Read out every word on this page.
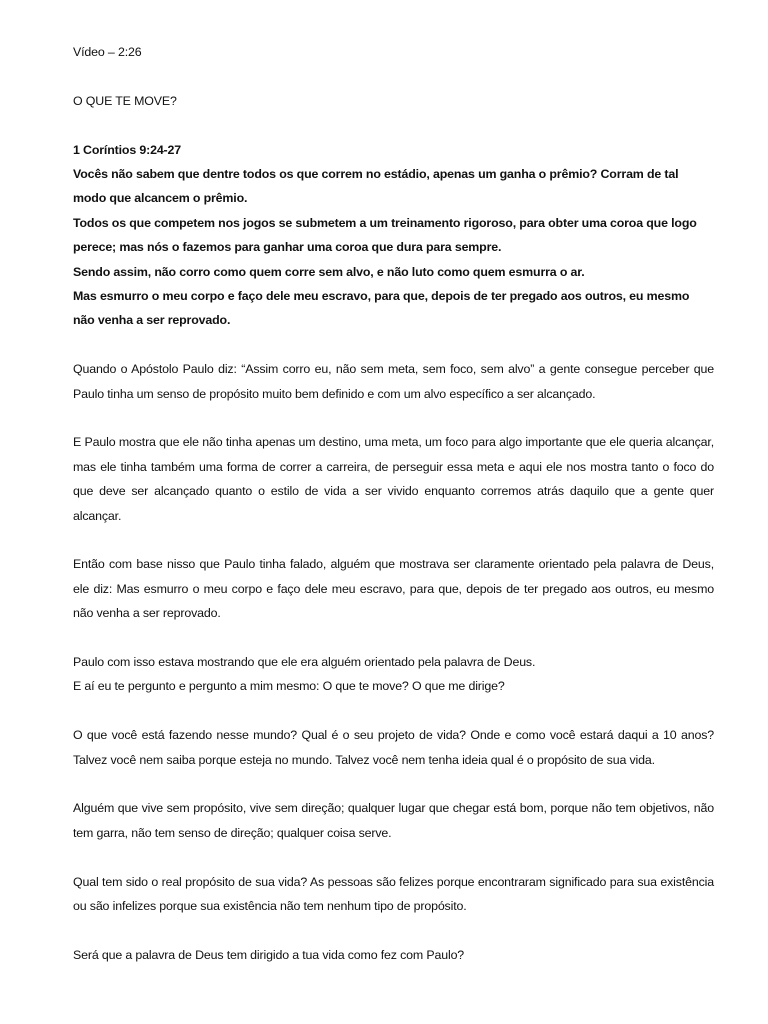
Vídeo – 2:26

O QUE TE MOVE?

1 Coríntios 9:24-27

Vocês não sabem que dentre todos os que correm no estádio, apenas um ganha o prêmio? Corram de tal modo que alcancem o prêmio.

Todos os que competem nos jogos se submetem a um treinamento rigoroso, para obter uma coroa que logo perece; mas nós o fazemos para ganhar uma coroa que dura para sempre.

Sendo assim, não corro como quem corre sem alvo, e não luto como quem esmurra o ar.

Mas esmurro o meu corpo e faço dele meu escravo, para que, depois de ter pregado aos outros, eu mesmo não venha a ser reprovado.

Quando o Apóstolo Paulo diz: “Assim corro eu, não sem meta, sem foco, sem alvo” a gente consegue perceber que Paulo tinha um senso de propósito muito bem definido e com um alvo específico a ser alcançado.

E Paulo mostra que ele não tinha apenas um destino, uma meta, um foco para algo importante que ele queria alcançar, mas ele tinha também uma forma de correr a carreira, de perseguir essa meta e aqui ele nos mostra tanto o foco do que deve ser alcançado quanto o estilo de vida a ser vivido enquanto corremos atrás daquilo que a gente quer alcançar.

Então com base nisso que Paulo tinha falado, alguém que mostrava ser claramente orientado pela palavra de Deus, ele diz: Mas esmurro o meu corpo e faço dele meu escravo, para que, depois de ter pregado aos outros, eu mesmo não venha a ser reprovado.

Paulo com isso estava mostrando que ele era alguém orientado pela palavra de Deus.

E aí eu te pergunto e pergunto a mim mesmo: O que te move? O que me dirige?

O que você está fazendo nesse mundo? Qual é o seu projeto de vida? Onde e como você estará daqui a 10 anos? Talvez você nem saiba porque esteja no mundo. Talvez você nem tenha ideia qual é o propósito de sua vida.

Alguém que vive sem propósito, vive sem direção; qualquer lugar que chegar está bom, porque não tem objetivos, não tem garra, não tem senso de direção; qualquer coisa serve.

Qual tem sido o real propósito de sua vida? As pessoas são felizes porque encontraram significado para sua existência ou são infelizes porque sua existência não tem nenhum tipo de propósito.

Será que a palavra de Deus tem dirigido a tua vida como fez com Paulo?
